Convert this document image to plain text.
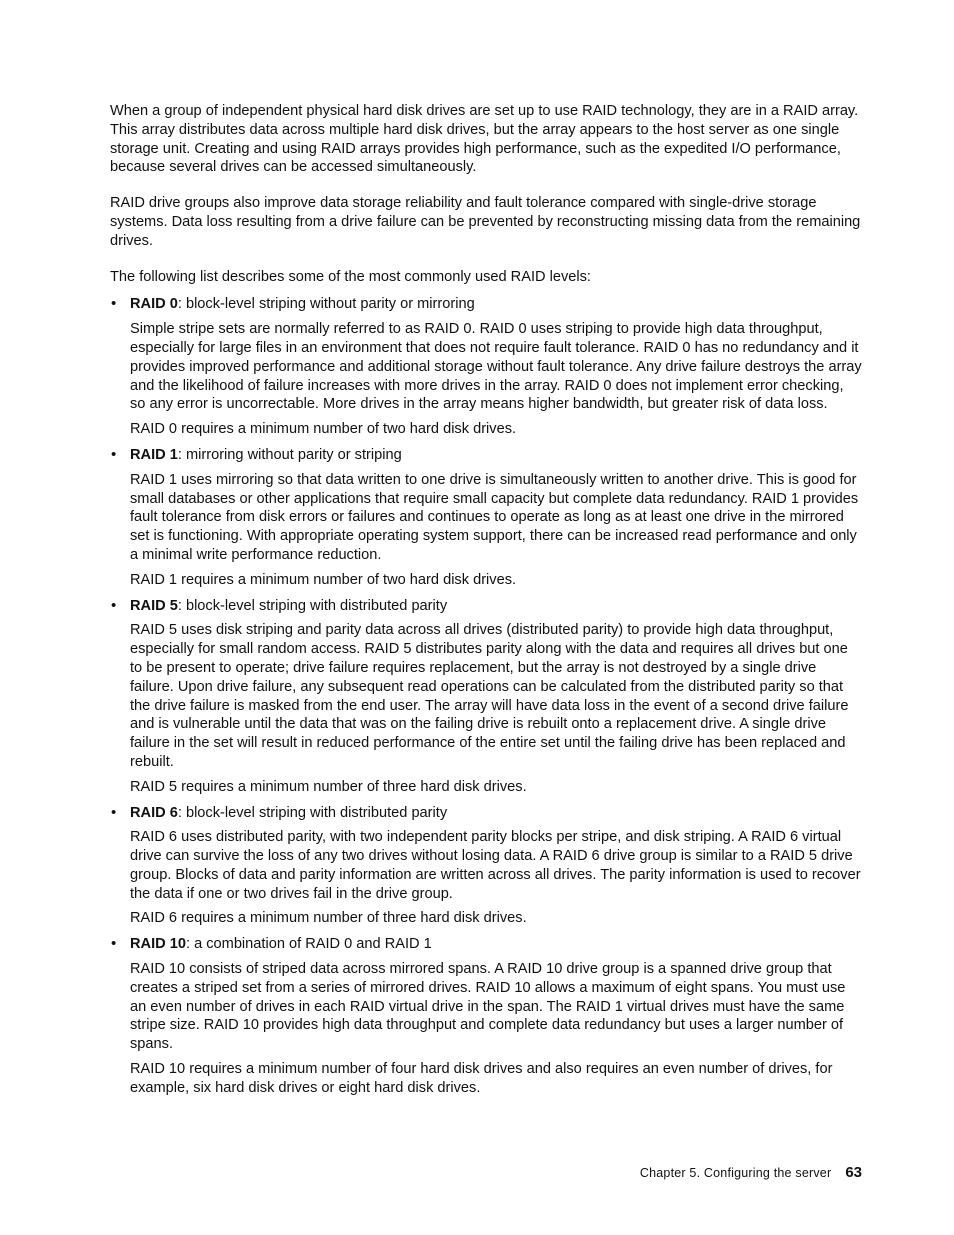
When a group of independent physical hard disk drives are set up to use RAID technology, they are in a RAID array. This array distributes data across multiple hard disk drives, but the array appears to the host server as one single storage unit. Creating and using RAID arrays provides high performance, such as the expedited I/O performance, because several drives can be accessed simultaneously.

RAID drive groups also improve data storage reliability and fault tolerance compared with single-drive storage systems. Data loss resulting from a drive failure can be prevented by reconstructing missing data from the remaining drives.

The following list describes some of the most commonly used RAID levels:

• RAID 0: block-level striping without parity or mirroring

Simple stripe sets are normally referred to as RAID 0. RAID 0 uses striping to provide high data throughput, especially for large files in an environment that does not require fault tolerance. RAID 0 has no redundancy and it provides improved performance and additional storage without fault tolerance. Any drive failure destroys the array and the likelihood of failure increases with more drives in the array. RAID 0 does not implement error checking, so any error is uncorrectable. More drives in the array means higher bandwidth, but greater risk of data loss.

RAID 0 requires a minimum number of two hard disk drives.

• RAID 1: mirroring without parity or striping

RAID 1 uses mirroring so that data written to one drive is simultaneously written to another drive. This is good for small databases or other applications that require small capacity but complete data redundancy. RAID 1 provides fault tolerance from disk errors or failures and continues to operate as long as at least one drive in the mirrored set is functioning. With appropriate operating system support, there can be increased read performance and only a minimal write performance reduction.

RAID 1 requires a minimum number of two hard disk drives.

• RAID 5: block-level striping with distributed parity

RAID 5 uses disk striping and parity data across all drives (distributed parity) to provide high data throughput, especially for small random access. RAID 5 distributes parity along with the data and requires all drives but one to be present to operate; drive failure requires replacement, but the array is not destroyed by a single drive failure. Upon drive failure, any subsequent read operations can be calculated from the distributed parity so that the drive failure is masked from the end user. The array will have data loss in the event of a second drive failure and is vulnerable until the data that was on the failing drive is rebuilt onto a replacement drive. A single drive failure in the set will result in reduced performance of the entire set until the failing drive has been replaced and rebuilt.

RAID 5 requires a minimum number of three hard disk drives.

• RAID 6: block-level striping with distributed parity

RAID 6 uses distributed parity, with two independent parity blocks per stripe, and disk striping. A RAID 6 virtual drive can survive the loss of any two drives without losing data. A RAID 6 drive group is similar to a RAID 5 drive group. Blocks of data and parity information are written across all drives. The parity information is used to recover the data if one or two drives fail in the drive group.

RAID 6 requires a minimum number of three hard disk drives.

• RAID 10: a combination of RAID 0 and RAID 1

RAID 10 consists of striped data across mirrored spans. A RAID 10 drive group is a spanned drive group that creates a striped set from a series of mirrored drives. RAID 10 allows a maximum of eight spans. You must use an even number of drives in each RAID virtual drive in the span. The RAID 1 virtual drives must have the same stripe size. RAID 10 provides high data throughput and complete data redundancy but uses a larger number of spans.

RAID 10 requires a minimum number of four hard disk drives and also requires an even number of drives, for example, six hard disk drives or eight hard disk drives.

Chapter 5. Configuring the server 63
